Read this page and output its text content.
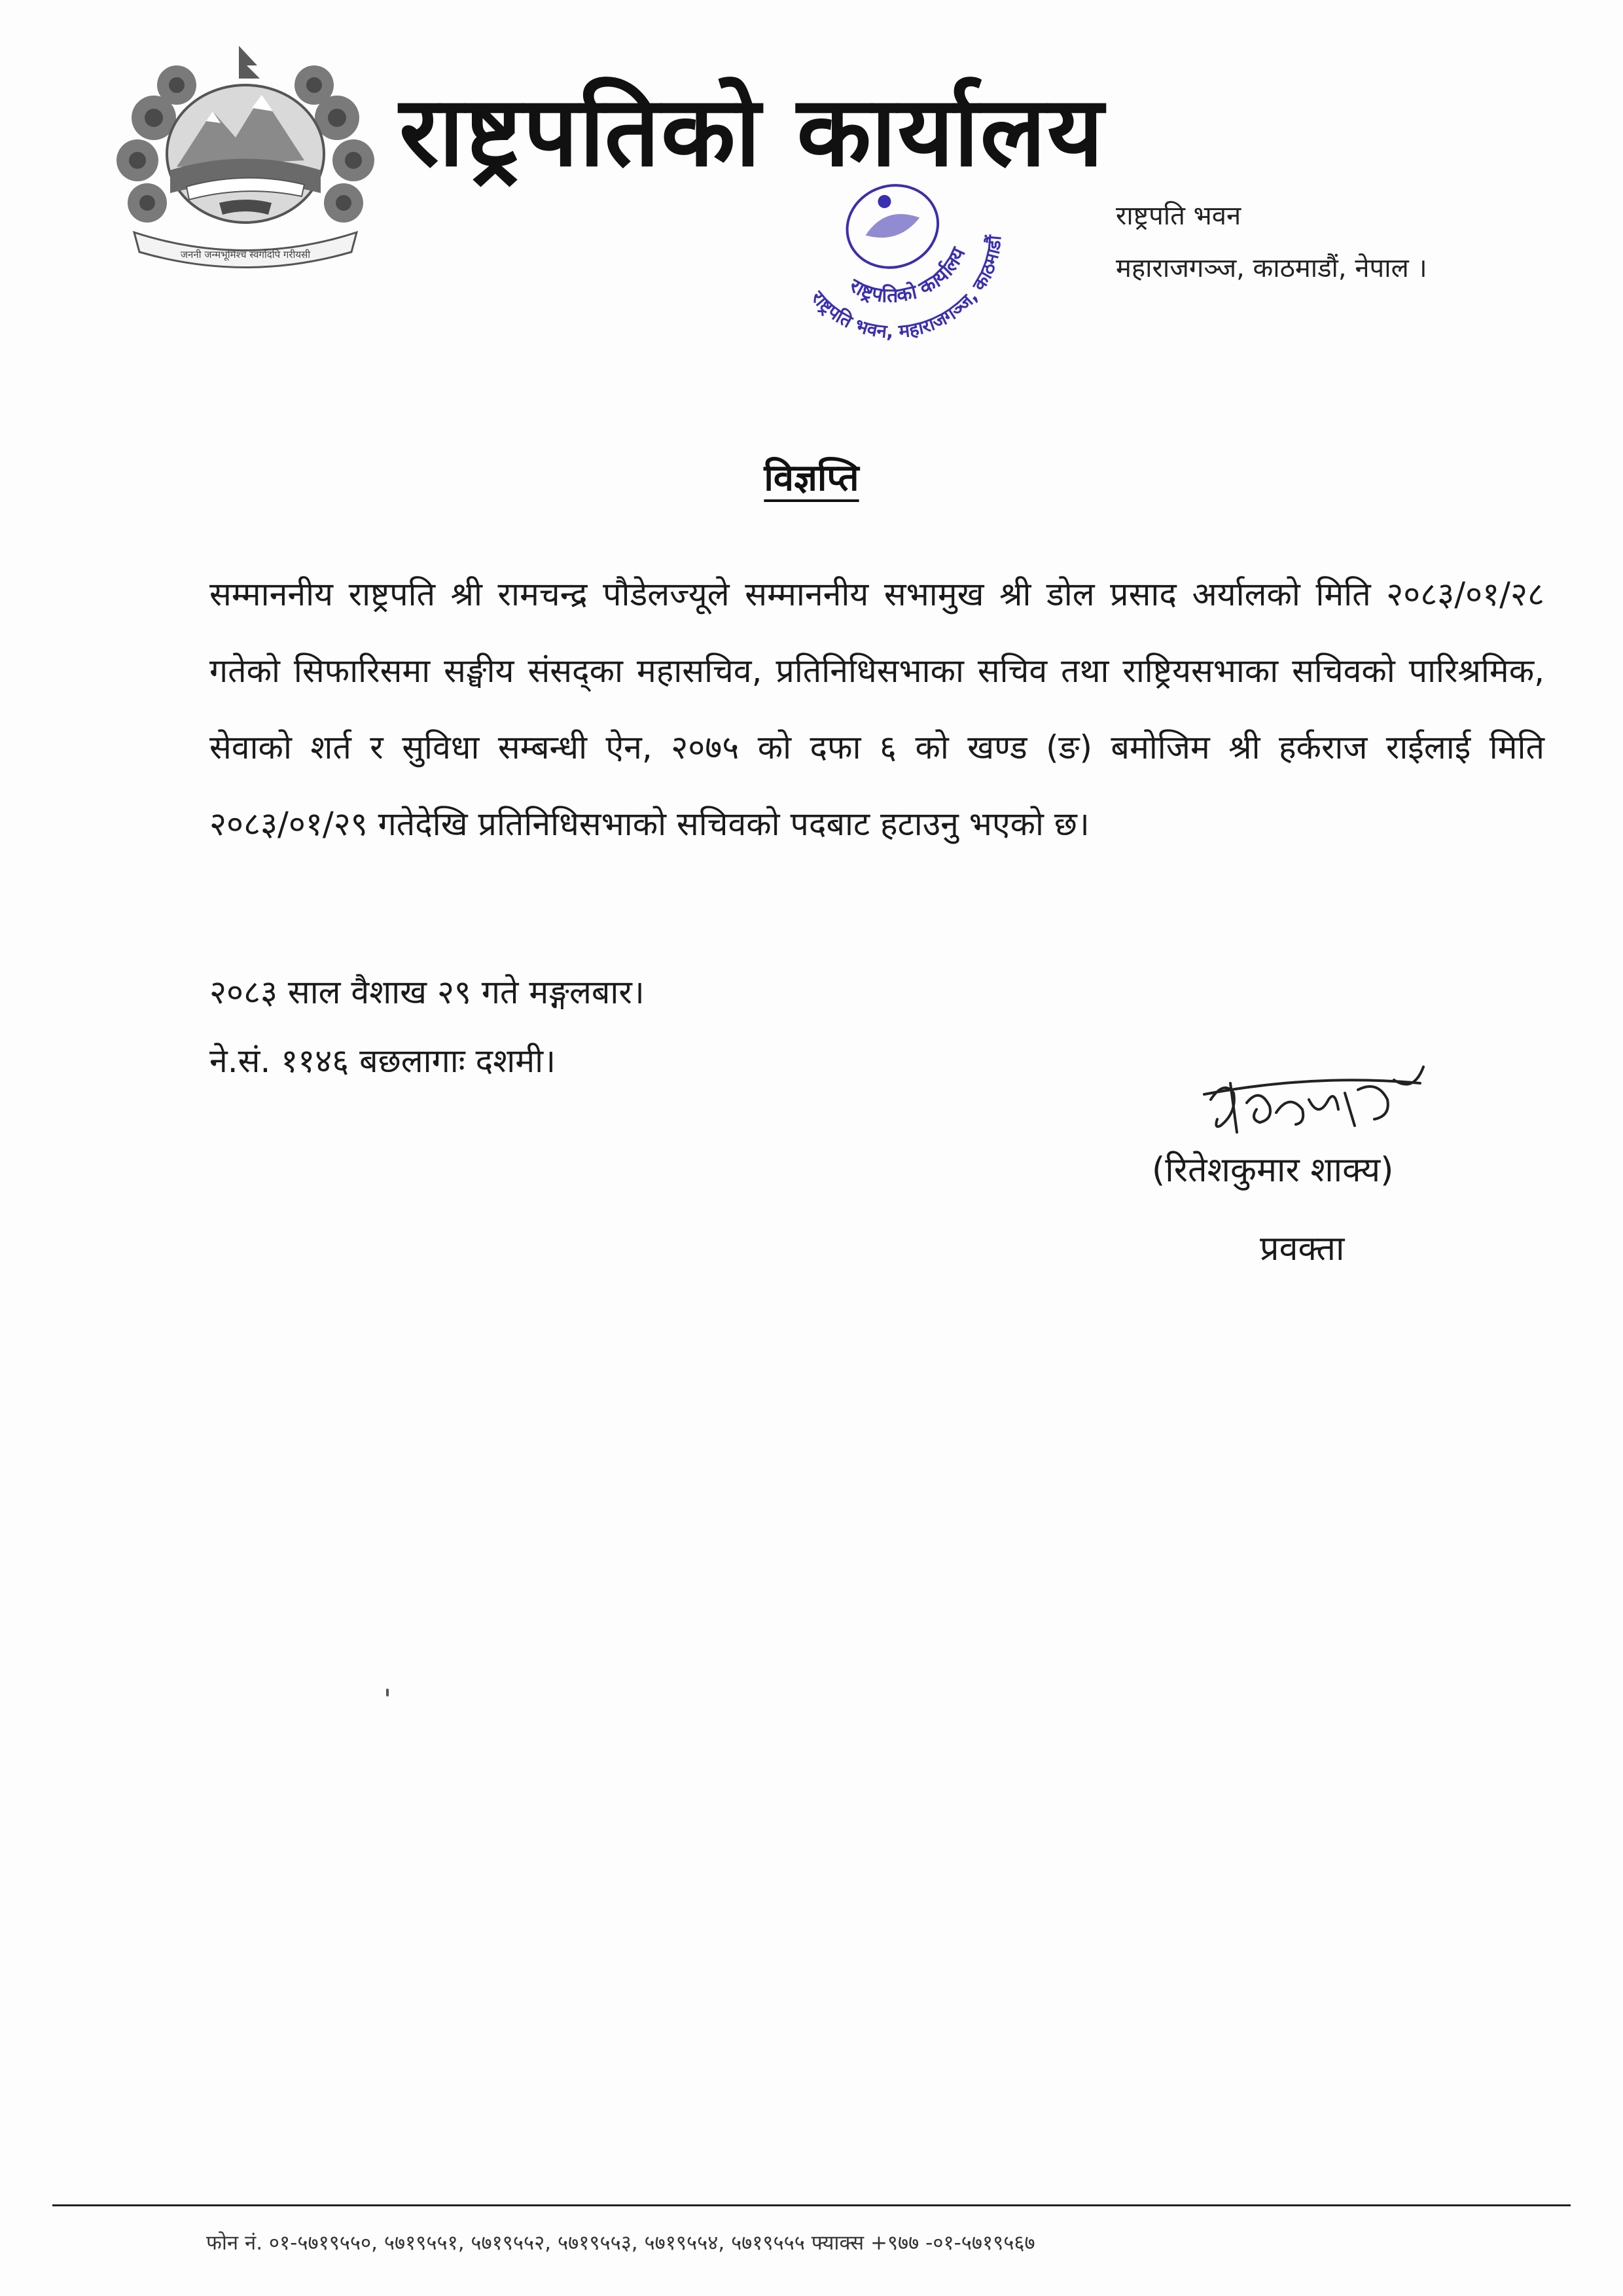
जननी जन्मभूमिश्च स्वर्गादपि गरीयसी
राष्ट्रपतिको कार्यालय
राष्ट्रपतिको कार्यालय
राष्ट्रपति भवन, महाराजगञ्ज, काठमाडौं
राष्ट्रपति भवन
महाराजगञ्ज, काठमाडौं, नेपाल ।
विज्ञप्ति
सम्माननीय राष्ट्रपति श्री रामचन्द्र पौडेलज्यूले सम्माननीय सभामुख श्री डोल प्रसाद अर्यालको मिति २०८३/०१/२८ गतेको सिफारिसमा सङ्घीय संसद्का महासचिव, प्रतिनिधिसभाका सचिव तथा राष्ट्रियसभाका सचिवको पारिश्रमिक, सेवाको शर्त र सुविधा सम्बन्धी ऐन, २०७५ को दफा ६ को खण्ड (ङ) बमोजिम श्री हर्कराज राईलाई मिति २०८३/०१/२९ गतेदेखि प्रतिनिधिसभाको सचिवको पदबाट हटाउनु भएको छ।
२०८३ साल वैशाख २९ गते मङ्गलबार।
ने.सं. ११४६ बछलागाः दशमी।
(रितेशकुमार शाक्य)
प्रवक्ता
फोन नं. ०१-५७१९५५०, ५७१९५५१, ५७१९५५२, ५७१९५५३, ५७१९५५४, ५७१९५५५ फ्याक्स +९७७ -०१-५७१९५६७
